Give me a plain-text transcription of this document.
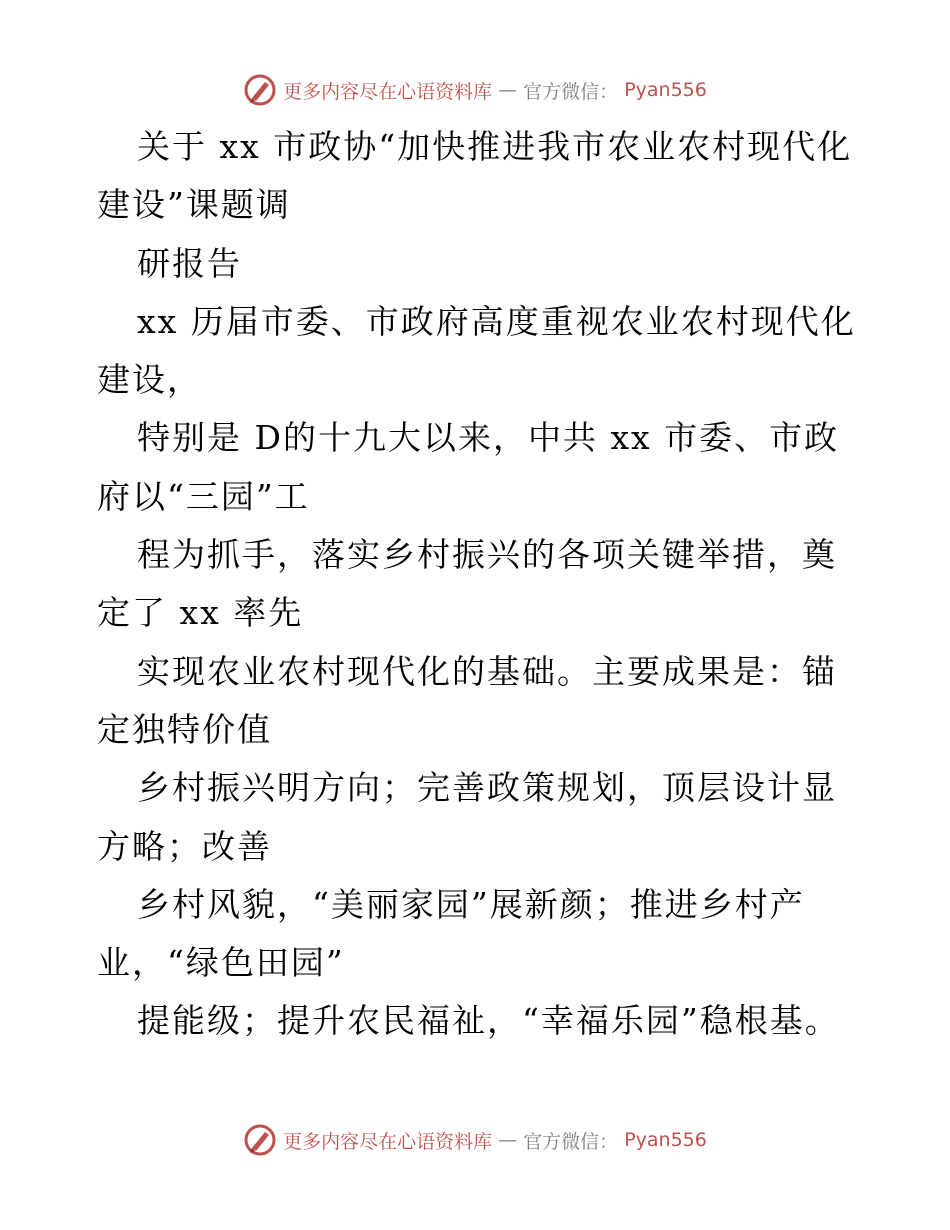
更多内容尽在心语资料库 — 官方微信： Pyan556

关于 xx 市政协“加快推进我市农业农村现代化建设”课题调

研报告

xx 历届市委、市政府高度重视农业农村现代化建设，

特别是 D的十九大以来，中共 xx 市委、市政府以“三园”工

程为抓手，落实乡村振兴的各项关键举措，奠定了 xx 率先

实现农业农村现代化的基础。主要成果是：锚定独特价值

乡村振兴明方向；完善政策规划，顶层设计显方略；改善

乡村风貌，“美丽家园”展新颜；推进乡村产业，“绿色田园”

提能级；提升农民福祉，“幸福乐园”稳根基。

更多内容尽在心语资料库 — 官方微信： Pyan556
